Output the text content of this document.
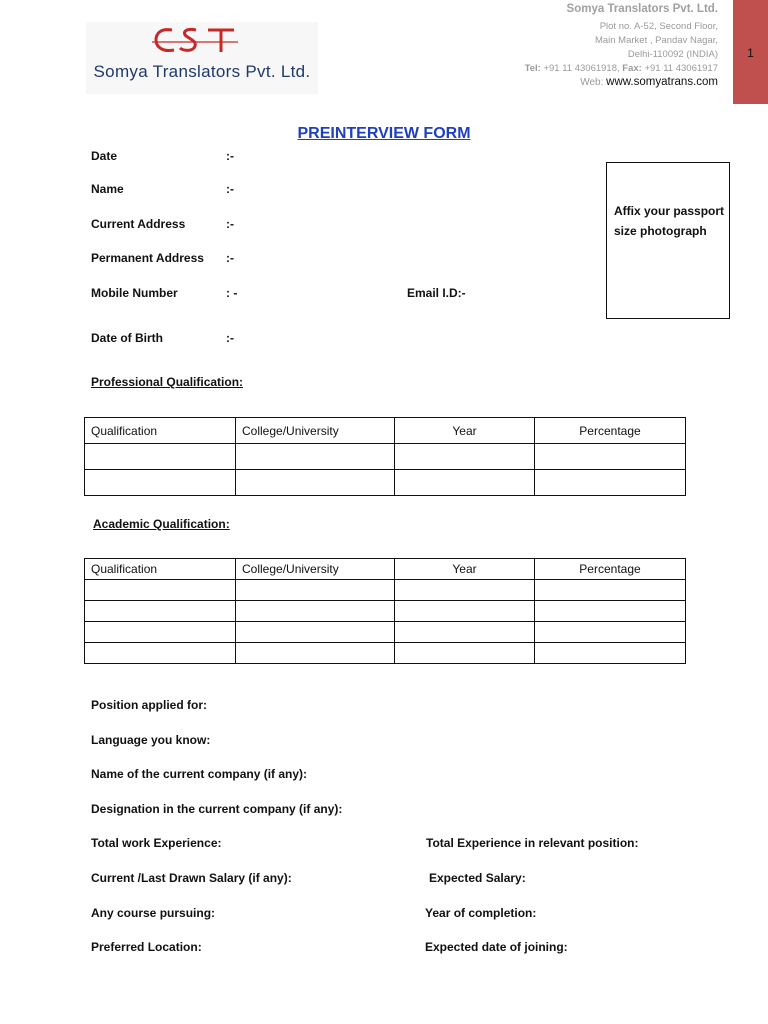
CSI
Somya Translators Pvt. Ltd.
Somya Translators Pvt. Ltd.
Plot no. A-52, Second Floor,
Main Market , Pandav Nagar,
Delhi-110092 (INDIA)
Tel: +91 11 43061918, Fax: +91 11 43061917
Web: www.somyatrans.com
1
PREINTERVIEW FORM
Date	:-
Name	:-
Current Address	:-
Permanent Address :-
Mobile Number	: -	Email I.D:-
Date of Birth	:-
Affix your passport size photograph
Professional Qualification:
Qualification	College/University	Year	Percentage

Academic Qualification:
Qualification	College/University	Year	Percentage

Position applied for:
Language you know:
Name of the current company (if any):
Designation in the current company (if any):
Total work Experience:	Total Experience in relevant position:
Current /Last Drawn Salary (if any):	Expected Salary:
Any course pursuing:	Year of completion:
Preferred Location:	Expected date of joining:
